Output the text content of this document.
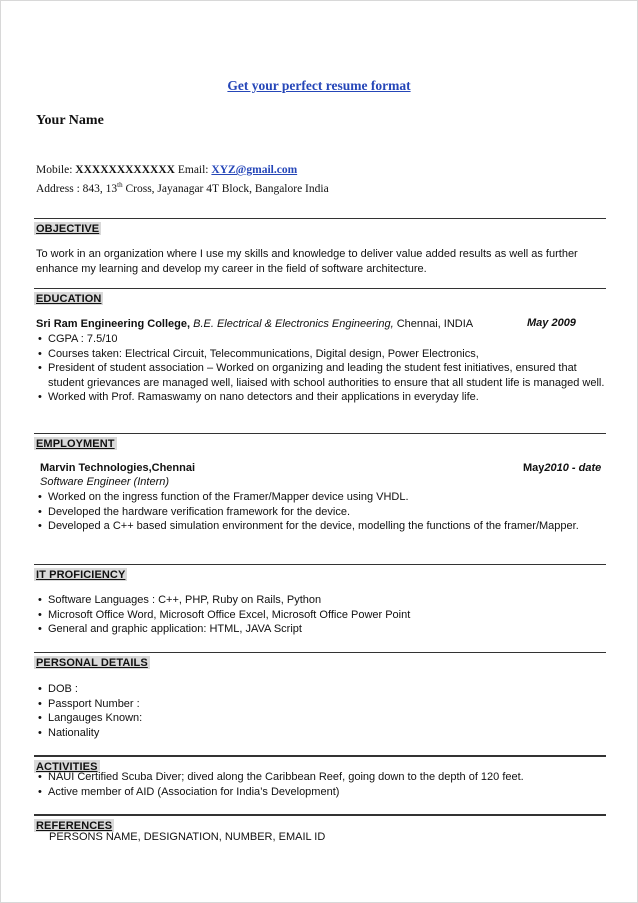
Get your perfect resume format
Your Name
Mobile: XXXXXXXXXXXX Email: XYZ@gmail.com
Address : 843, 13th Cross, Jayanagar 4T Block, Bangalore India
OBJECTIVE
To work in an organization where I use my skills and knowledge to deliver value added results as well as further enhance my learning and develop my career in the field of software architecture.
EDUCATION
Sri Ram Engineering College, B.E. Electrical & Electronics Engineering, Chennai, INDIA	May 2009
• CGPA : 7.5/10
• Courses taken: Electrical Circuit, Telecommunications, Digital design, Power Electronics,
• President of student association – Worked on organizing and leading the student fest initiatives, ensured that student grievances are managed well, liaised with school authorities to ensure that all student life is managed well.
• Worked with Prof. Ramaswamy on nano detectors and their applications in everyday life.
EMPLOYMENT
Marvin Technologies,Chennai	May2010 - date
Software Engineer (Intern)
• Worked on the ingress function of the Framer/Mapper device using VHDL.
• Developed the hardware verification framework for the device.
• Developed a C++ based simulation environment for the device, modelling the functions of the framer/Mapper.
IT PROFICIENCY
• Software Languages : C++, PHP, Ruby on Rails, Python
• Microsoft Office Word, Microsoft Office Excel, Microsoft Office Power Point
• General and graphic application: HTML, JAVA Script
PERSONAL DETAILS
• DOB :
• Passport Number :
• Langauges Known:
• Nationality
ACTIVITIES
• NAUI Certified Scuba Diver; dived along the Caribbean Reef, going down to the depth of 120 feet.
• Active member of AID (Association for India’s Development)
REFERENCES
PERSONS NAME, DESIGNATION, NUMBER, EMAIL ID
